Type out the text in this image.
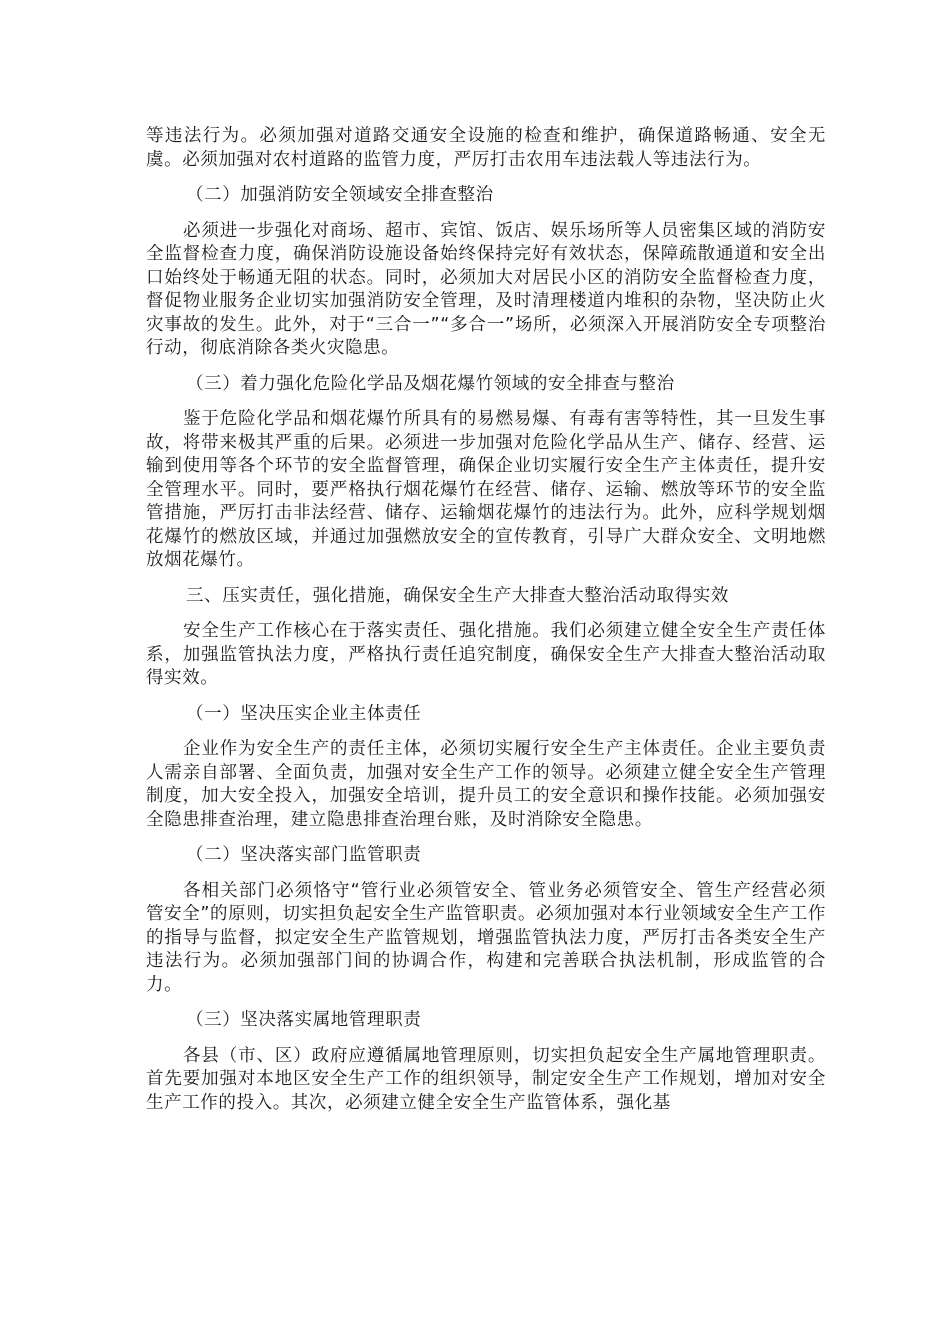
等违法行为。必须加强对道路交通安全设施的检查和维护，确保道路畅通、安全无虞。必须加强对农村道路的监管力度，严厉打击农用车违法载人等违法行为。

（二）加强消防安全领域安全排查整治

必须进一步强化对商场、超市、宾馆、饭店、娱乐场所等人员密集区域的消防安全监督检查力度，确保消防设施设备始终保持完好有效状态，保障疏散通道和安全出口始终处于畅通无阻的状态。同时，必须加大对居民小区的消防安全监督检查力度，督促物业服务企业切实加强消防安全管理，及时清理楼道内堆积的杂物，坚决防止火灾事故的发生。此外，对于“三合一”“多合一”场所，必须深入开展消防安全专项整治行动，彻底消除各类火灾隐患。

（三）着力强化危险化学品及烟花爆竹领域的安全排查与整治

鉴于危险化学品和烟花爆竹所具有的易燃易爆、有毒有害等特性，其一旦发生事故，将带来极其严重的后果。必须进一步加强对危险化学品从生产、储存、经营、运输到使用等各个环节的安全监督管理，确保企业切实履行安全生产主体责任，提升安全管理水平。同时，要严格执行烟花爆竹在经营、储存、运输、燃放等环节的安全监管措施，严厉打击非法经营、储存、运输烟花爆竹的违法行为。此外，应科学规划烟花爆竹的燃放区域，并通过加强燃放安全的宣传教育，引导广大群众安全、文明地燃放烟花爆竹。

三、压实责任，强化措施，确保安全生产大排查大整治活动取得实效

安全生产工作核心在于落实责任、强化措施。我们必须建立健全安全生产责任体系，加强监管执法力度，严格执行责任追究制度，确保安全生产大排查大整治活动取得实效。

（一）坚决压实企业主体责任

企业作为安全生产的责任主体，必须切实履行安全生产主体责任。企业主要负责人需亲自部署、全面负责，加强对安全生产工作的领导。必须建立健全安全生产管理制度，加大安全投入，加强安全培训，提升员工的安全意识和操作技能。必须加强安全隐患排查治理，建立隐患排查治理台账，及时消除安全隐患。

（二）坚决落实部门监管职责

各相关部门必须恪守“管行业必须管安全、管业务必须管安全、管生产经营必须管安全”的原则，切实担负起安全生产监管职责。必须加强对本行业领域安全生产工作的指导与监督，拟定安全生产监管规划，增强监管执法力度，严厉打击各类安全生产违法行为。必须加强部门间的协调合作，构建和完善联合执法机制，形成监管的合力。

（三）坚决落实属地管理职责

各县（市、区）政府应遵循属地管理原则，切实担负起安全生产属地管理职责。首先要加强对本地区安全生产工作的组织领导，制定安全生产工作规划，增加对安全生产工作的投入。其次，必须建立健全安全生产监管体系，强化基
